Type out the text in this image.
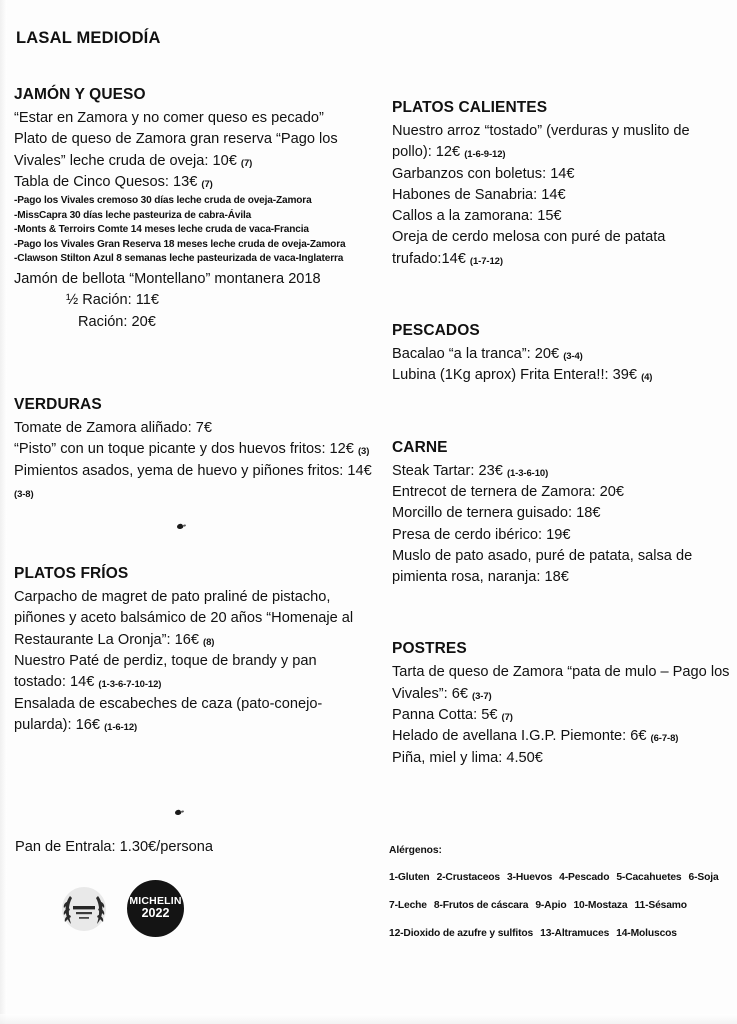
LASAL MEDIODÍA
JAMÓN Y QUESO

“Estar en Zamora y no comer queso es pecado”

Plato de queso de Zamora gran reserva “Pago los Vivales” leche cruda de oveja: 10€ (7)

Tabla de Cinco Quesos: 13€ (7)

-Pago los Vivales cremoso 30 días leche cruda de oveja-Zamora
-MissCapra 30 días leche pasteuriza de cabra-Ávila
-Monts & Terroirs Comte 14 meses leche cruda de vaca-Francia
-Pago los Vivales Gran Reserva 18 meses leche cruda de oveja-Zamora
-Clawson Stilton Azul 8 semanas leche pasteurizada de vaca-Inglaterra

Jamón de bellota “Montellano” montanera 2018

½ Ración: 11€
Ración: 20€
VERDURAS

Tomate de Zamora aliñado: 7€

“Pisto” con un toque picante y dos huevos fritos: 12€ (3)

Pimientos asados, yema de huevo y piñones fritos: 14€ (3-8)

PLATOS FRÍOS

Carpacho de magret de pato praliné de pistacho, piñones y aceto balsámico de 20 años “Homenaje al Restaurante La Oronja”: 16€ (8)

Nuestro Paté de perdiz, toque de brandy y pan tostado: 14€ (1-3-6-7-10-12)

Ensalada de escabeches de caza (pato-conejo-pularda): 16€ (1-6-12)

PLATOS CALIENTES

Nuestro arroz “tostado” (verduras y muslito de pollo): 12€ (1-6-9-12)

Garbanzos con boletus: 14€

Habones de Sanabria: 14€

Callos a la zamorana: 15€

Oreja de cerdo melosa con puré de patata trufado:14€ (1-7-12)

PESCADOS

Bacalao “a la tranca”: 20€ (3-4)

Lubina (1Kg aprox) Frita Entera!!: 39€ (4)

CARNE

Steak Tartar: 23€ (1-3-6-10)

Entrecot de ternera de Zamora: 20€

Morcillo de ternera guisado: 18€

Presa de cerdo ibérico: 19€

Muslo de pato asado, puré de patata, salsa de pimienta rosa, naranja: 18€

POSTRES

Tarta de queso de Zamora “pata de mulo – Pago los Vivales”: 6€ (3-7)

Panna Cotta: 5€ (7)

Helado de avellana I.G.P. Piemonte: 6€ (6-7-8)

Piña, miel y lima: 4.50€

Pan de Entrala: 1.30€/persona
MICHELIN
2022
Alérgenos:
1-Gluten 2-Crustaceos 3-Huevos 4-Pescado 5-Cacahuetes 6-Soja
7-Leche 8-Frutos de cáscara 9-Apio 10-Mostaza 11-Sésamo
12-Dioxido de azufre y sulfitos 13-Altramuces 14-Moluscos
